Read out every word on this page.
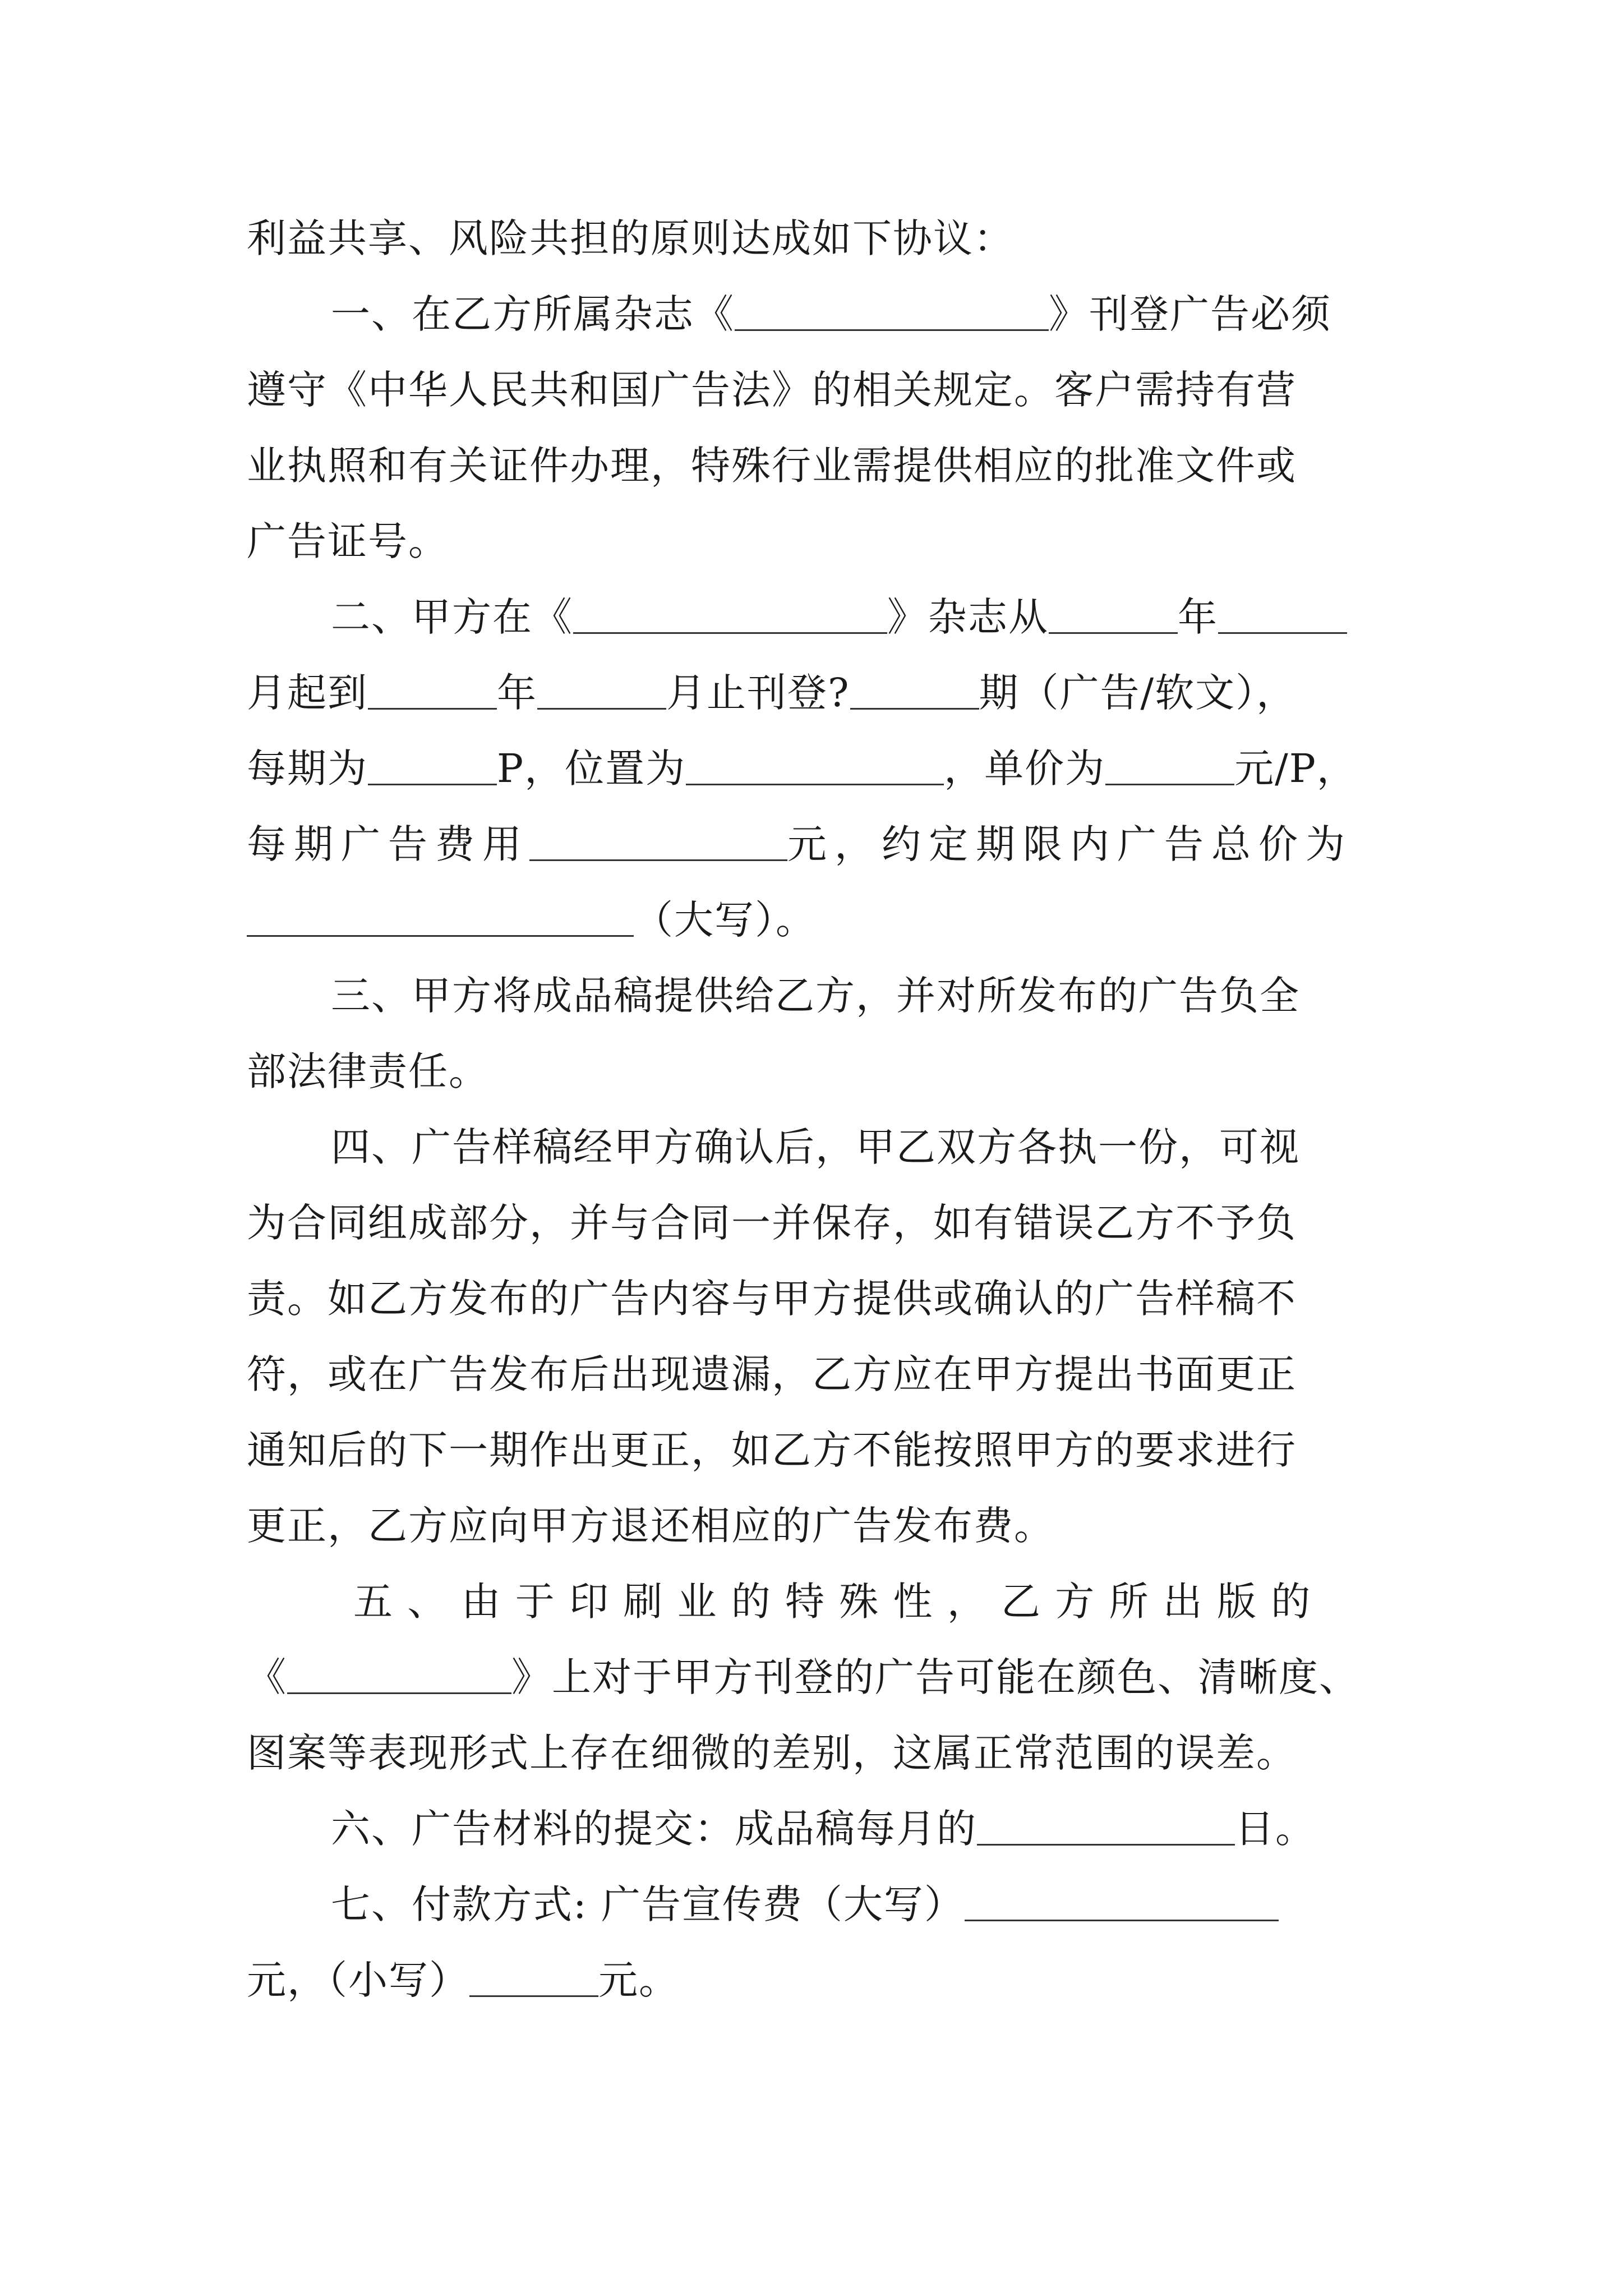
利益共享、风险共担的原则达成如下协议：
一、在乙方所属杂志《	》刊登广告必须
遵守《中华人民共和国广告法》的相关规定。客户需持有营
业执照和有关证件办理，特殊行业需提供相应的批准文件或
广告证号。
二、甲方在《	》杂志从	年
月起到	年	月止刊登?	期（广告/软文），
每期为	P，位置为	，单价为	元/P，
每期广告费用	元，约定期限内广告总价为
（大写）。
三、甲方将成品稿提供给乙方，并对所发布的广告负全
部法律责任。
四、广告样稿经甲方确认后，甲乙双方各执一份，可视
为合同组成部分，并与合同一并保存，如有错误乙方不予负
责。如乙方发布的广告内容与甲方提供或确认的广告样稿不
符，或在广告发布后出现遗漏，乙方应在甲方提出书面更正
通知后的下一期作出更正，如乙方不能按照甲方的要求进行
更正，乙方应向甲方退还相应的广告发布费。
五 、 由 于 印 刷 业 的 特 殊 性 ， 乙 方 所 出 版 的
《	》上对于甲方刊登的广告可能在颜色、清晰度、
图案等表现形式上存在细微的差别，这属正常范围的误差。
六、广告材料的提交：成品稿每月的	日。
七、付款方式: 广告宣传费（大写）
元，（小写）	元。
